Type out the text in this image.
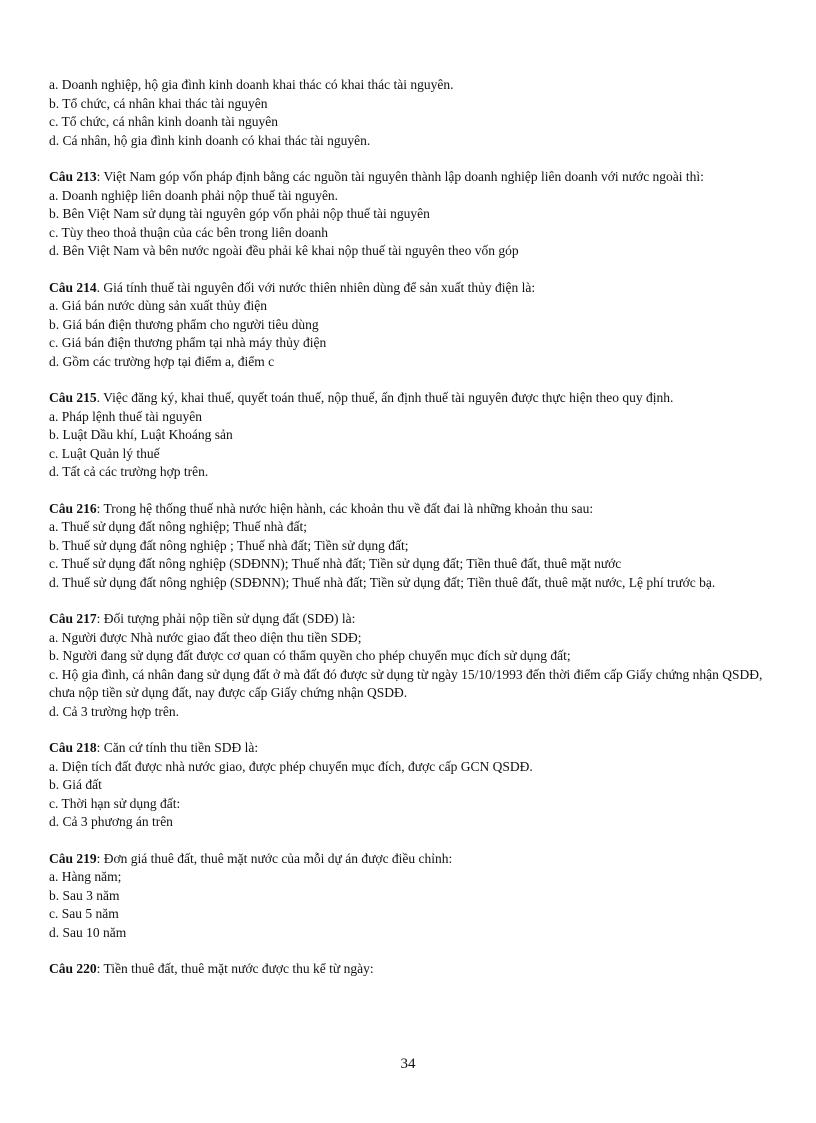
a. Doanh nghiệp, hộ gia đình kinh doanh khai thác có khai thác tài nguyên.

b. Tổ chức, cá nhân khai thác tài nguyên

c. Tổ chức, cá nhân kinh doanh tài nguyên

d. Cá nhân, hộ gia đình kinh doanh có khai thác tài nguyên.

Câu 213: Việt Nam góp vốn pháp định bằng các nguồn tài nguyên thành lập doanh nghiệp liên doanh với nước ngoài thì:

a. Doanh nghiệp liên doanh phải nộp thuế tài nguyên.

b. Bên Việt Nam sử dụng tài nguyên góp vốn phải nộp thuế tài nguyên

c. Tùy theo thoả thuận của các bên trong liên doanh

d. Bên Việt Nam và bên nước ngoài đều phải kê khai nộp thuế tài nguyên theo vốn góp

Câu 214. Giá tính thuế tài nguyên đối với nước thiên nhiên dùng để sản xuất thủy điện là:

a. Giá bán nước dùng sản xuất thủy điện

b. Giá bán điện thương phẩm cho người tiêu dùng

c. Giá bán điện thương phẩm tại nhà máy thủy điện

d. Gồm các trường hợp tại điểm a, điểm c

Câu 215. Việc đăng ký, khai thuế, quyết toán thuế, nộp thuế, ấn định thuế tài nguyên được thực hiện theo quy định.

a. Pháp lệnh thuế tài nguyên

b. Luật Dầu khí, Luật Khoáng sản

c. Luật Quản lý thuế

d. Tất cả các trường hợp trên.

Câu 216: Trong hệ thống thuế nhà nước hiện hành, các khoản thu về đất đai là những khoản thu sau:

a. Thuế sử dụng đất nông nghiệp; Thuế nhà đất;

b. Thuế sử dụng đất nông nghiệp ; Thuế nhà đất; Tiền sử dụng đất;

c. Thuế sử dụng đất nông nghiệp (SDĐNN); Thuế nhà đất; Tiền sử dụng đất; Tiền thuê đất, thuê mặt nước

d. Thuế sử dụng đất nông nghiệp (SDĐNN); Thuế nhà đất; Tiền sử dụng đất; Tiền thuê đất, thuê mặt nước, Lệ phí trước bạ.

Câu 217: Đối tượng phải nộp tiền sử dụng đất (SDĐ) là:

a. Người được Nhà nước giao đất theo diện thu tiền SDĐ;

b. Người đang sử dụng đất được cơ quan có thẩm quyền cho phép chuyển mục đích sử dụng đất;

c. Hộ gia đình, cá nhân đang sử dụng đất ở mà đất đó được sử dụng từ ngày 15/10/1993 đến thời điểm cấp Giấy chứng nhận QSDĐ, chưa nộp tiền sử dụng đất, nay được cấp Giấy chứng nhận QSDĐ.

d. Cả 3 trường hợp trên.

Câu 218: Căn cứ tính thu tiền SDĐ là:

a. Diện tích đất được nhà nước giao, được phép chuyển mục đích, được cấp GCN QSDĐ.

b. Giá đất

c. Thời hạn sử dụng đất:

d. Cả 3 phương án trên

Câu 219: Đơn giá thuê đất, thuê mặt nước của mỗi dự án được điều chỉnh:

a. Hàng năm;

b. Sau 3 năm

c. Sau 5 năm

d. Sau 10 năm

Câu 220: Tiền thuê đất, thuê mặt nước được thu kể từ ngày:

34
